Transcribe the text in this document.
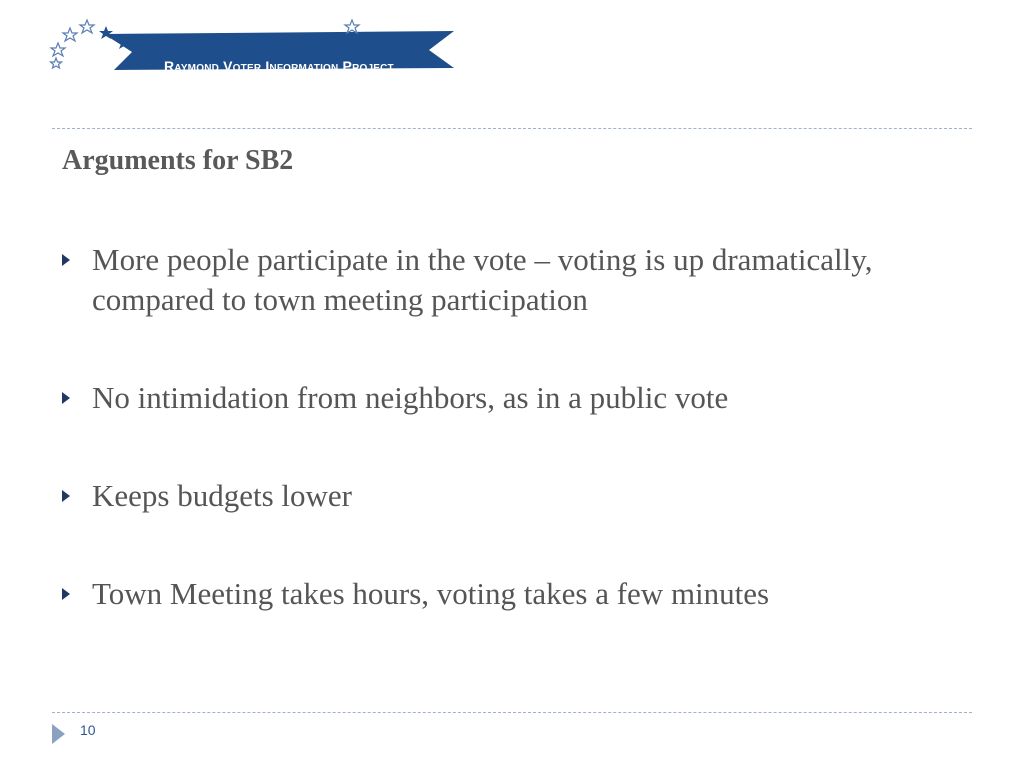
Raymond Voter Information Project
Arguments for SB2
More people participate in the vote – voting is up dramatically, compared to town meeting participation
No intimidation from neighbors, as in a public vote
Keeps budgets lower
Town Meeting takes hours, voting takes a few minutes
10
